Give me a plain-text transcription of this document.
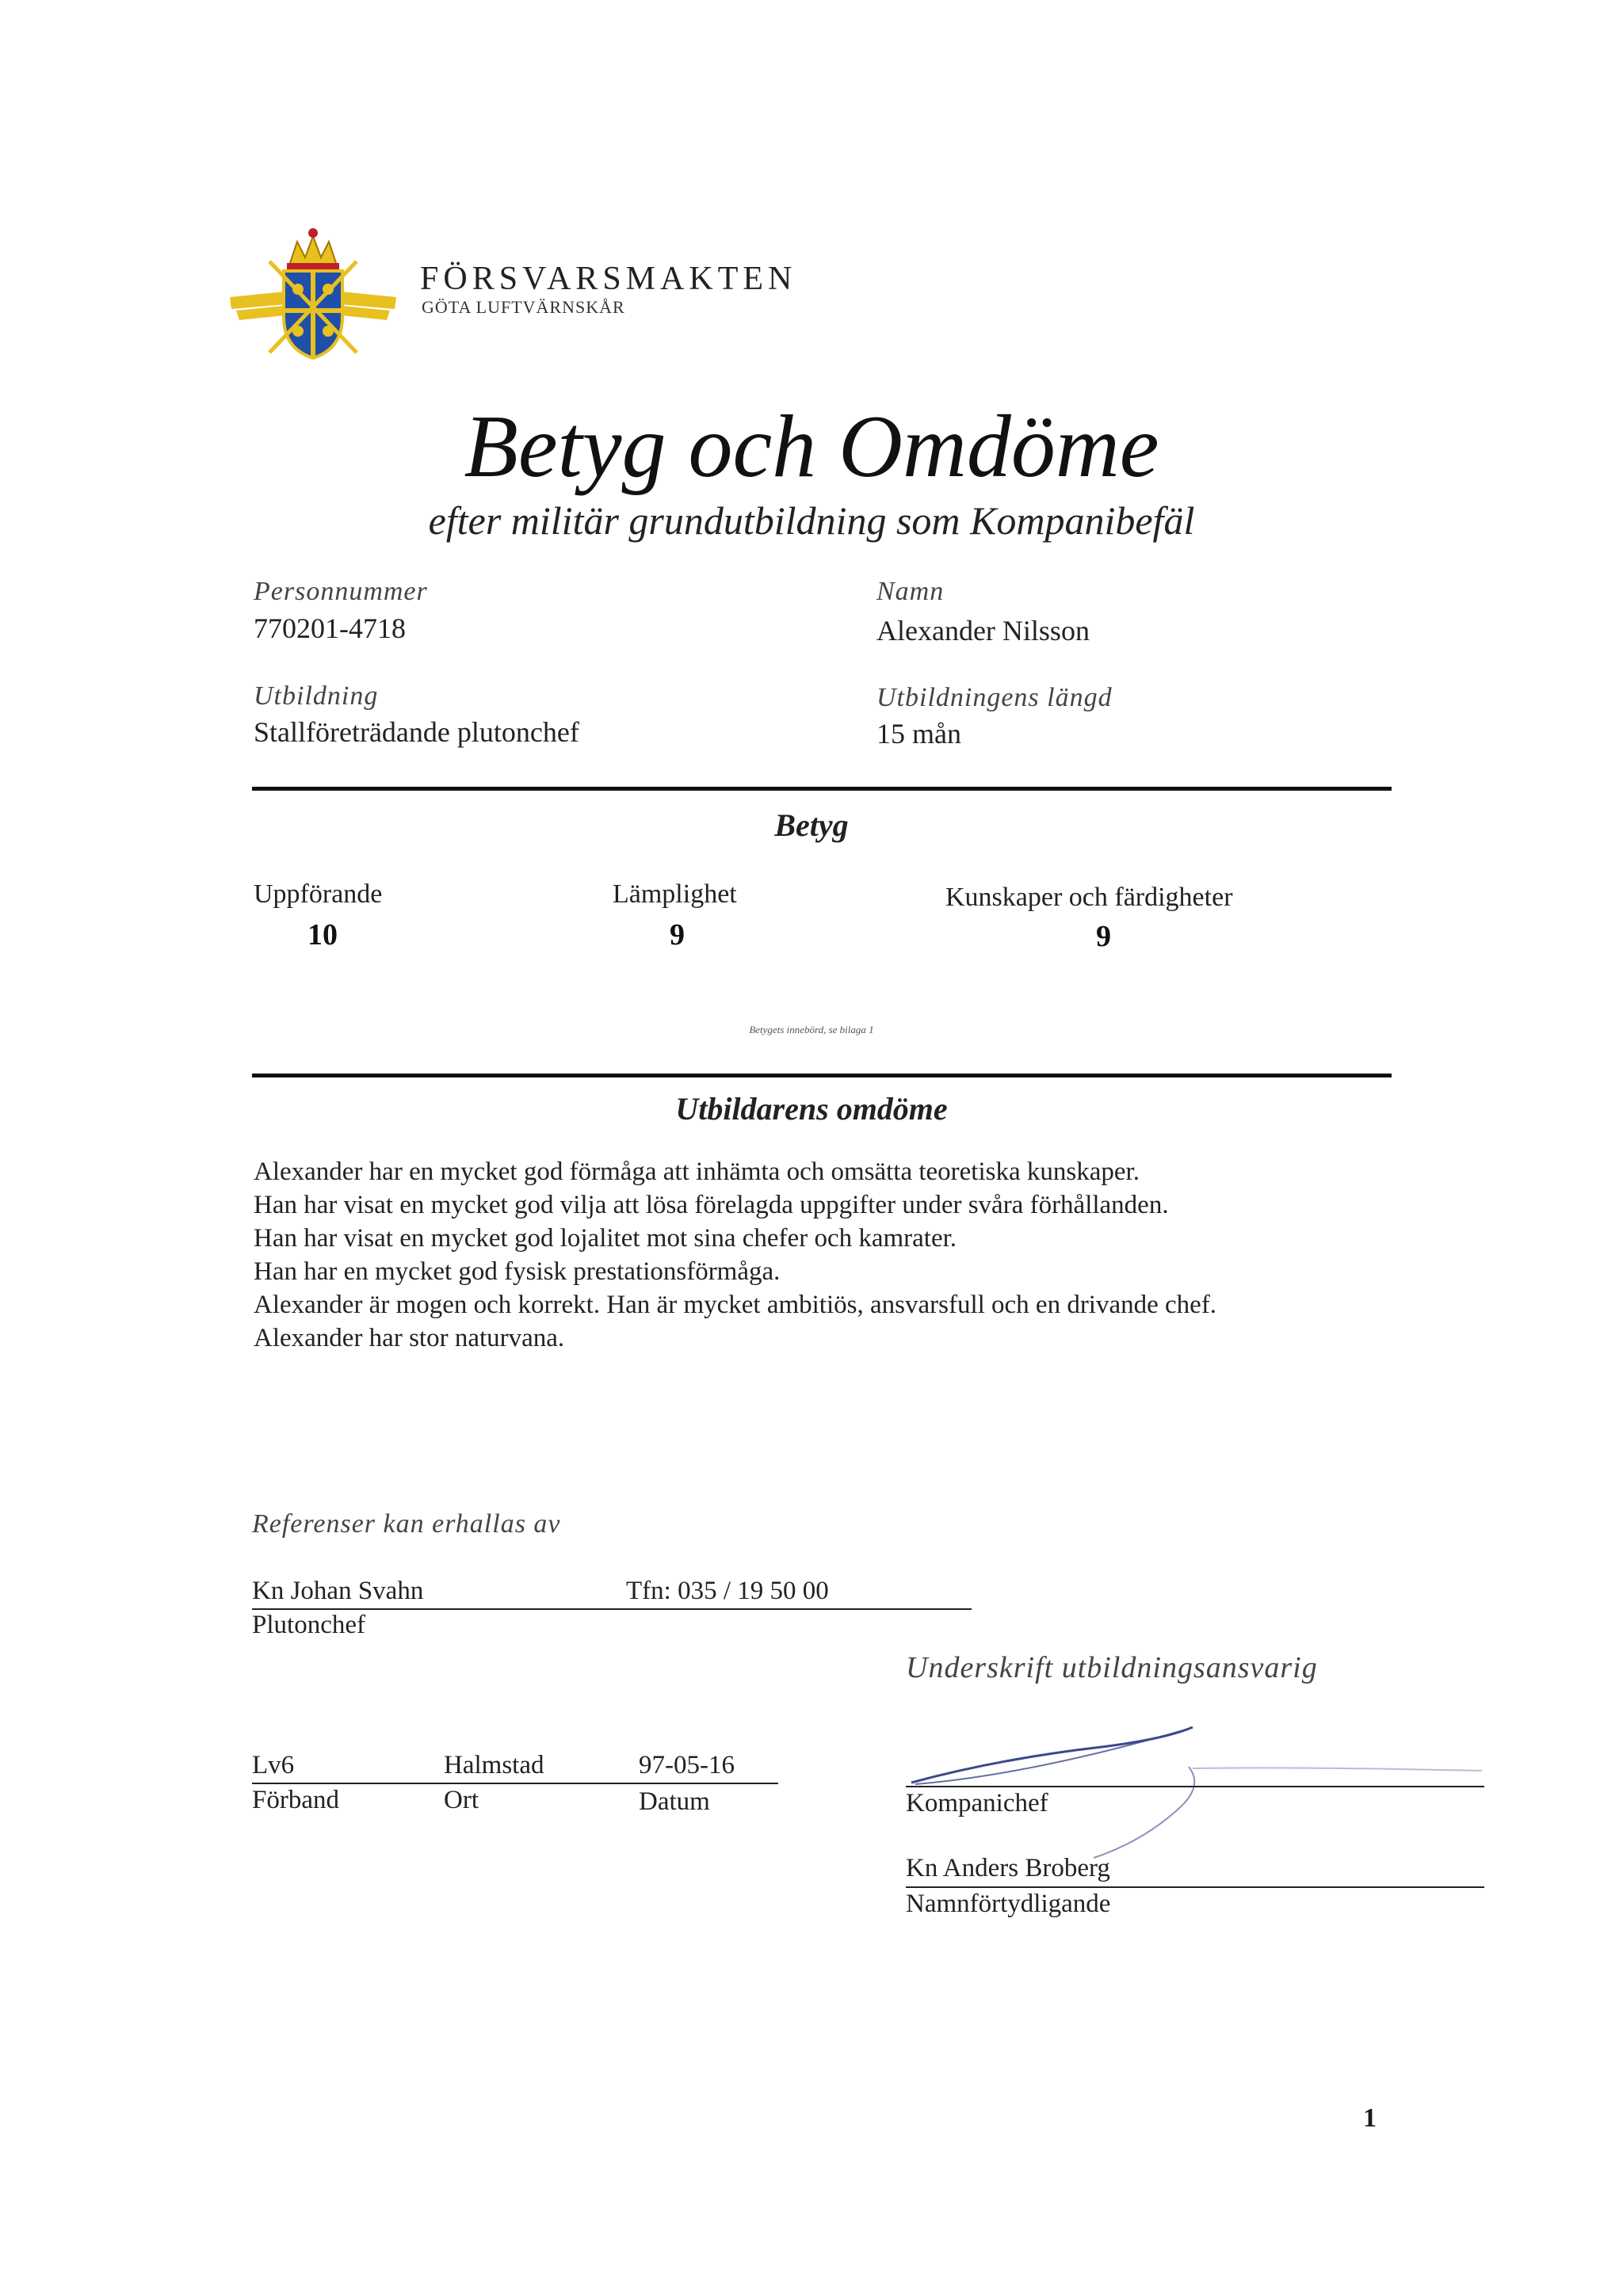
FÖRSVARSMAKTEN
GÖTA LUFTVÄRNSKÅR
Betyg och Omdöme
efter militär grundutbildning som Kompanibefäl
Personnummer
770201-4718
Namn
Alexander Nilsson
Utbildning
Stallföreträdande plutonchef
Utbildningens längd
15 mån
Betyg
Uppförande
10
Lämplighet
9
Kunskaper och färdigheter
9
Betygets innebörd, se bilaga 1
Utbildarens omdöme
Alexander har en mycket god förmåga att inhämta och omsätta teoretiska kunskaper.
Han har visat en mycket god vilja att lösa förelagda uppgifter under svåra förhållanden.
Han har visat en mycket god lojalitet mot sina chefer och kamrater.
Han har en mycket god fysisk prestationsförmåga.
Alexander är mogen och korrekt. Han är mycket ambitiös, ansvarsfull och en drivande chef.
Alexander har stor naturvana.
Referenser kan erhallas av
Kn Johan Svahn	Tfn: 035 / 19 50 00
Plutonchef
Lv6
Förband
Halmstad
Ort
97-05-16
Datum
Underskrift utbildningsansvarig
Kompanichef
Kn Anders Broberg
Namnförtydligande
1
